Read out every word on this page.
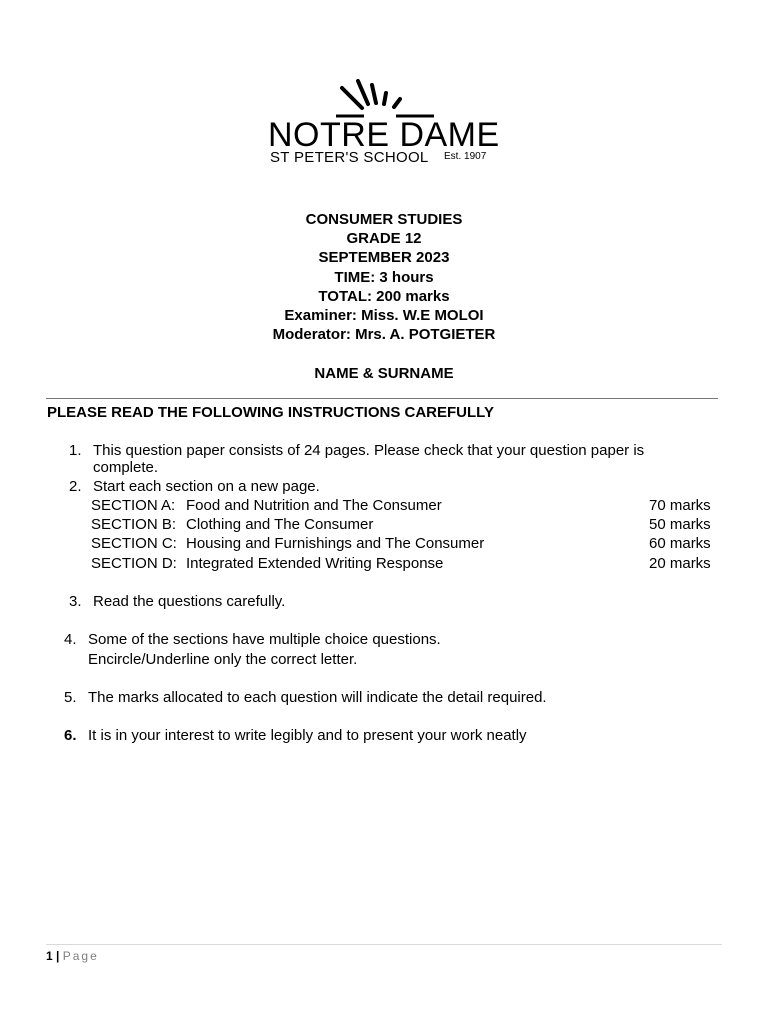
NOTRE DAME
ST PETER'S SCHOOL Est. 1907
CONSUMER STUDIES
GRADE 12
SEPTEMBER 2023
TIME: 3 hours
TOTAL: 200 marks
Examiner: Miss. W.E MOLOI
Moderator: Mrs. A. POTGIETER
NAME & SURNAME
PLEASE READ THE FOLLOWING INSTRUCTIONS CAREFULLY
1. This question paper consists of 24 pages. Please check that your question paper is
complete.
2. Start each section on a new page.
SECTION A: Food and Nutrition and The Consumer	70 marks
SECTION B: Clothing and The Consumer	50 marks
SECTION C: Housing and Furnishings and The Consumer	60 marks
SECTION D: Integrated Extended Writing Response	20 marks
3. Read the questions carefully.
4. Some of the sections have multiple choice questions.
Encircle/Underline only the correct letter.
5. The marks allocated to each question will indicate the detail required.
6. It is in your interest to write legibly and to present your work neatly
1 | Page
